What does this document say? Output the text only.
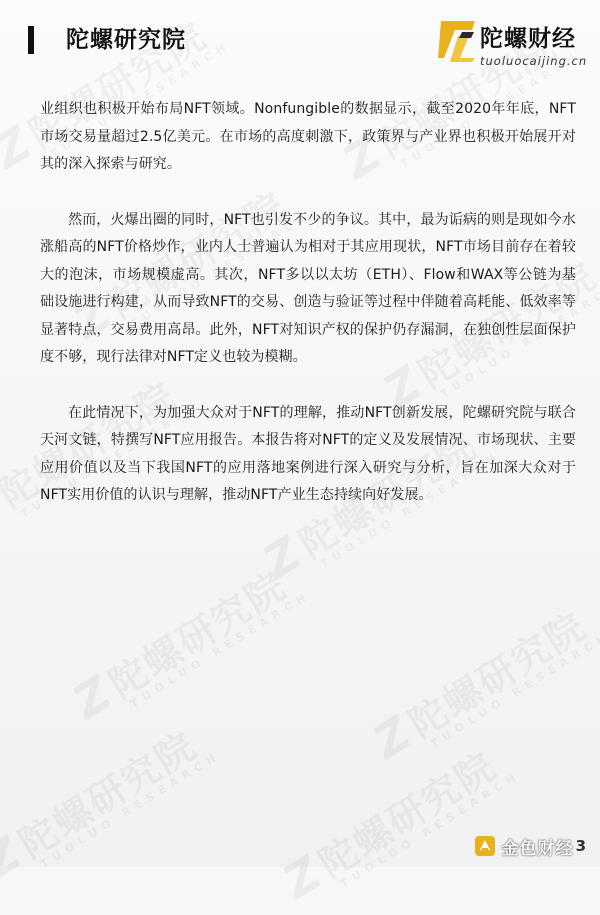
陀螺研究院	陀螺财经
tuoluocaijing.cn

业组织也积极开始布局NFT领域。Nonfungible的数据显示，截至2020年年底，NFT市场交易量超过2.5亿美元。在市场的高度刺激下，政策界与产业界也积极开始展开对其的深入探索与研究。

然而，火爆出圈的同时，NFT也引发不少的争议。其中，最为诟病的则是现如今水涨船高的NFT价格炒作，业内人士普遍认为相对于其应用现状，NFT市场目前存在着较大的泡沫，市场规模虚高。其次，NFT多以以太坊（ETH）、Flow和WAX等公链为基础设施进行构建，从而导致NFT的交易、创造与验证等过程中伴随着高耗能、低效率等显著特点，交易费用高昂。此外，NFT对知识产权的保护仍存漏洞，在独创性层面保护度不够，现行法律对NFT定义也较为模糊。

在此情况下，为加强大众对于NFT的理解，推动NFT创新发展，陀螺研究院与联合天河文链，特撰写NFT应用报告。本报告将对NFT的定义及发展情况、市场现状、主要应用价值以及当下我国NFT的应用落地案例进行深入研究与分析，旨在加深大众对于NFT实用价值的认识与理解，推动NFT产业生态持续向好发展。

金色财经 3
